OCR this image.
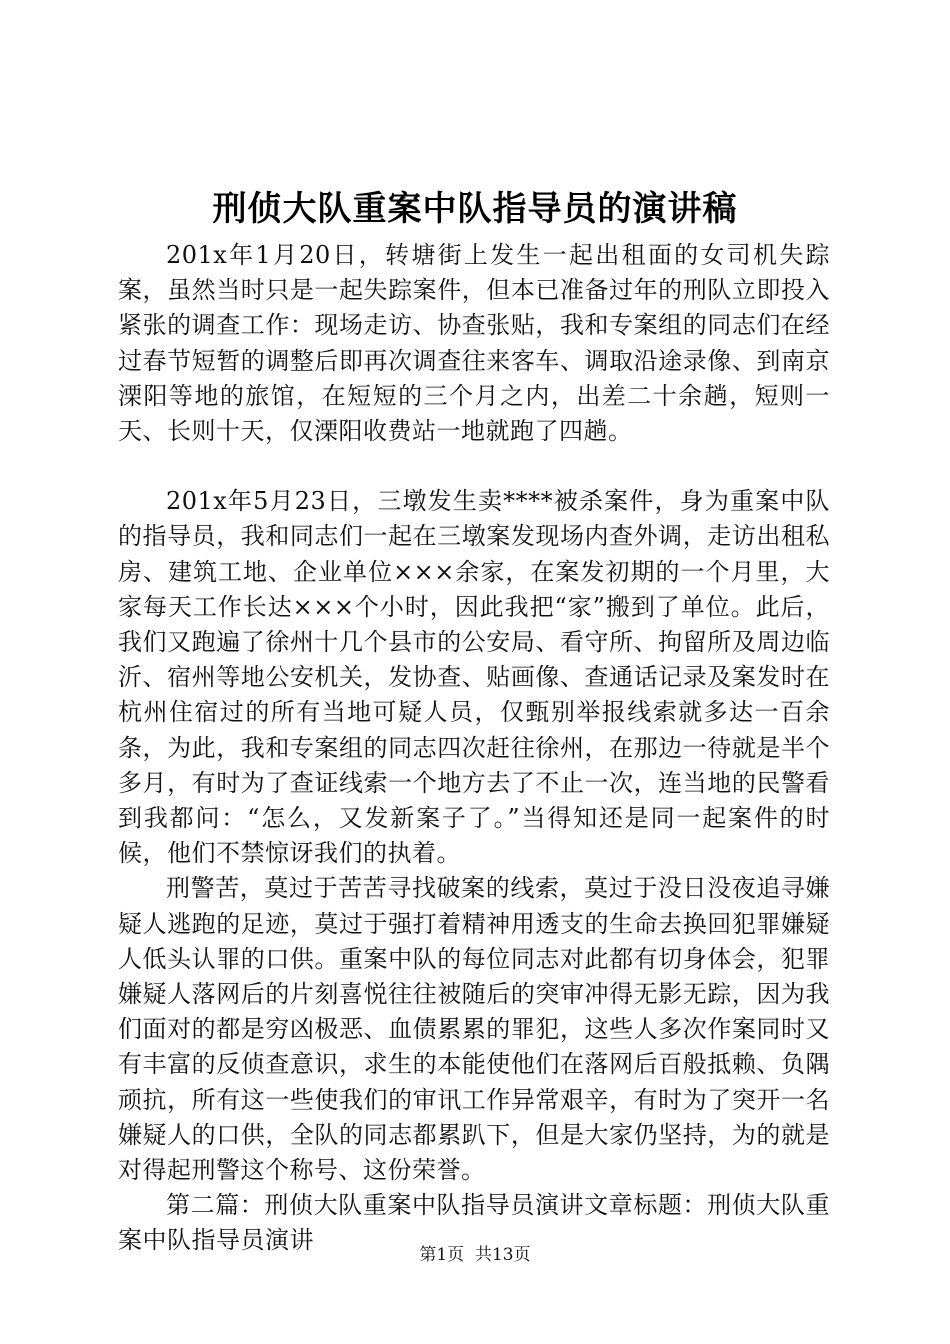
刑侦大队重案中队指导员的演讲稿

201x年1月20日，转塘街上发生一起出租面的女司机失踪案，虽然当时只是一起失踪案件，但本已准备过年的刑队立即投入紧张的调查工作：现场走访、协查张贴，我和专案组的同志们在经过春节短暂的调整后即再次调查往来客车、调取沿途录像、到南京溧阳等地的旅馆，在短短的三个月之内，出差二十余趟，短则一天、长则十天，仅溧阳收费站一地就跑了四趟。

201x年5月23日，三墩发生卖****被杀案件，身为重案中队的指导员，我和同志们一起在三墩案发现场内查外调，走访出租私房、建筑工地、企业单位×××余家，在案发初期的一个月里，大家每天工作长达×××个小时，因此我把“家”搬到了单位。此后，我们又跑遍了徐州十几个县市的公安局、看守所、拘留所及周边临沂、宿州等地公安机关，发协查、贴画像、查通话记录及案发时在杭州住宿过的所有当地可疑人员，仅甄别举报线索就多达一百余条，为此，我和专案组的同志四次赶往徐州，在那边一待就是半个多月，有时为了查证线索一个地方去了不止一次，连当地的民警看到我都问：“怎么，又发新案子了。”当得知还是同一起案件的时候，他们不禁惊讶我们的执着。

刑警苦，莫过于苦苦寻找破案的线索，莫过于没日没夜追寻嫌疑人逃跑的足迹，莫过于强打着精神用透支的生命去换回犯罪嫌疑人低头认罪的口供。重案中队的每位同志对此都有切身体会，犯罪嫌疑人落网后的片刻喜悦往往被随后的突审冲得无影无踪，因为我们面对的都是穷凶极恶、血债累累的罪犯，这些人多次作案同时又有丰富的反侦查意识，求生的本能使他们在落网后百般抵赖、负隅顽抗，所有这一些使我们的审讯工作异常艰辛，有时为了突开一名嫌疑人的口供，全队的同志都累趴下，但是大家仍坚持，为的就是对得起刑警这个称号、这份荣誉。

第二篇：刑侦大队重案中队指导员演讲文章标题：刑侦大队重案中队指导员演讲

第1页  共13页
